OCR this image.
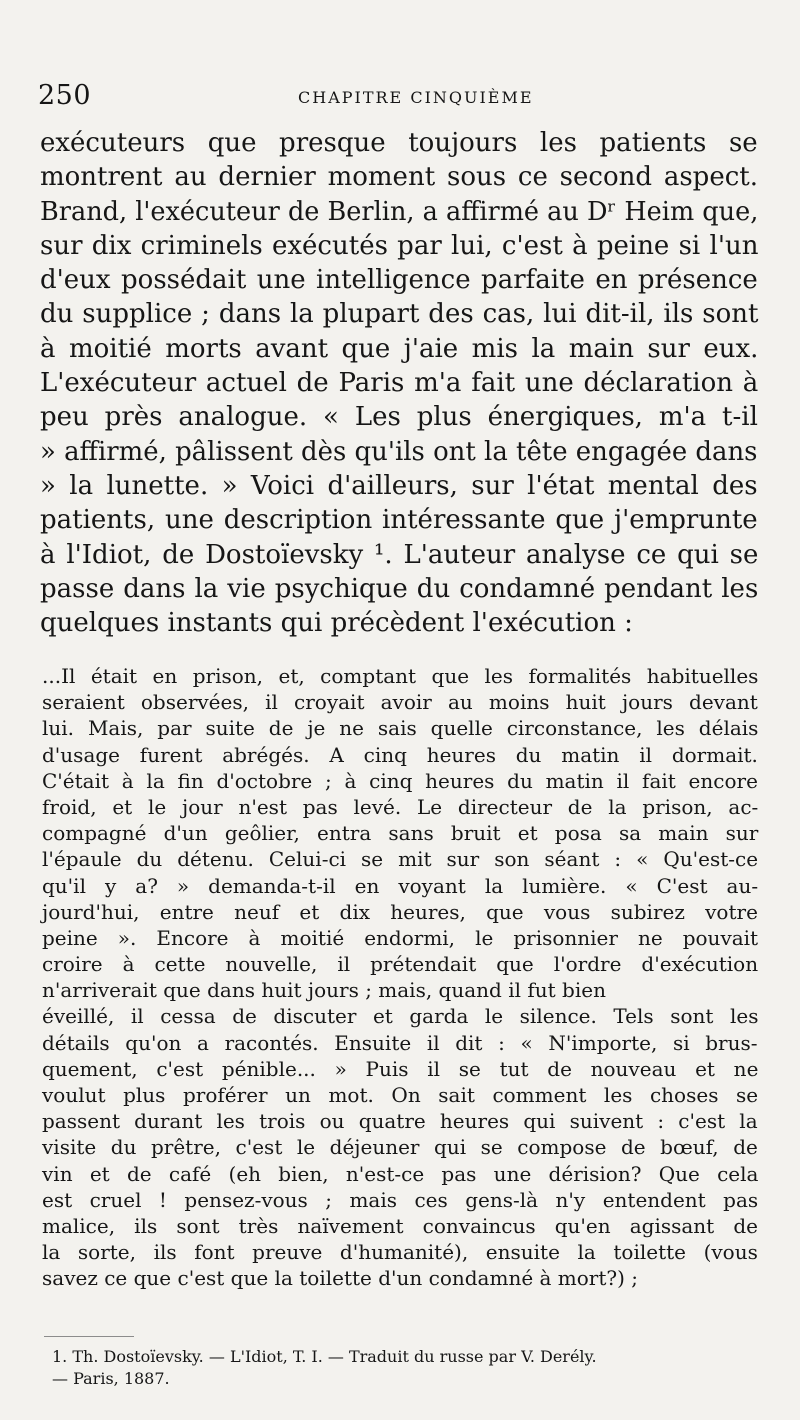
250	CHAPITRE CINQUIÈME
exécuteurs que presque toujours les patients se
montrent au dernier moment sous ce second aspect.
Brand, l'exécuteur de Berlin, a affirmé au Dʳ Heim que,
sur dix criminels exécutés par lui, c'est à peine si l'un
d'eux possédait une intelligence parfaite en présence
du supplice ; dans la plupart des cas, lui dit-il, ils sont
à moitié morts avant que j'aie mis la main sur eux.
L'exécuteur actuel de Paris m'a fait une déclaration à
peu près analogue. « Les plus énergiques, m'a t-il
» affirmé, pâlissent dès qu'ils ont la tête engagée dans
» la lunette. » Voici d'ailleurs, sur l'état mental des
patients, une description intéressante que j'emprunte
à l'Idiot, de Dostoïevsky ¹. L'auteur analyse ce qui se
passe dans la vie psychique du condamné pendant les
quelques instants qui précèdent l'exécution :
...Il était en prison, et, comptant que les formalités habituelles
seraient observées, il croyait avoir au moins huit jours devant
lui. Mais, par suite de je ne sais quelle circonstance, les délais
d'usage furent abrégés. A cinq heures du matin il dormait.
C'était à la fin d'octobre ; à cinq heures du matin il fait encore
froid, et le jour n'est pas levé. Le directeur de la prison, ac-
compagné d'un geôlier, entra sans bruit et posa sa main sur
l'épaule du détenu. Celui-ci se mit sur son séant : « Qu'est-ce
qu'il y a? » demanda-t-il en voyant la lumière. « C'est au-
jourd'hui, entre neuf et dix heures, que vous subirez votre
peine ». Encore à moitié endormi, le prisonnier ne pouvait
croire à cette nouvelle, il prétendait que l'ordre d'exécution
n'arriverait que dans huit jours ; mais, quand il fut bien
éveillé, il cessa de discuter et garda le silence. Tels sont les
détails qu'on a racontés. Ensuite il dit : « N'importe, si brus-
quement, c'est pénible... » Puis il se tut de nouveau et ne
voulut plus proférer un mot. On sait comment les choses se
passent durant les trois ou quatre heures qui suivent : c'est la
visite du prêtre, c'est le déjeuner qui se compose de bœuf, de
vin et de café (eh bien, n'est-ce pas une dérision? Que cela
est cruel ! pensez-vous ; mais ces gens-là n'y entendent pas
malice, ils sont très naïvement convaincus qu'en agissant de
la sorte, ils font preuve d'humanité), ensuite la toilette (vous
savez ce que c'est que la toilette d'un condamné à mort?) ;
1. Th. Dostoïevsky. — L'Idiot, T. I. — Traduit du russe par V. Derély.
— Paris, 1887.
